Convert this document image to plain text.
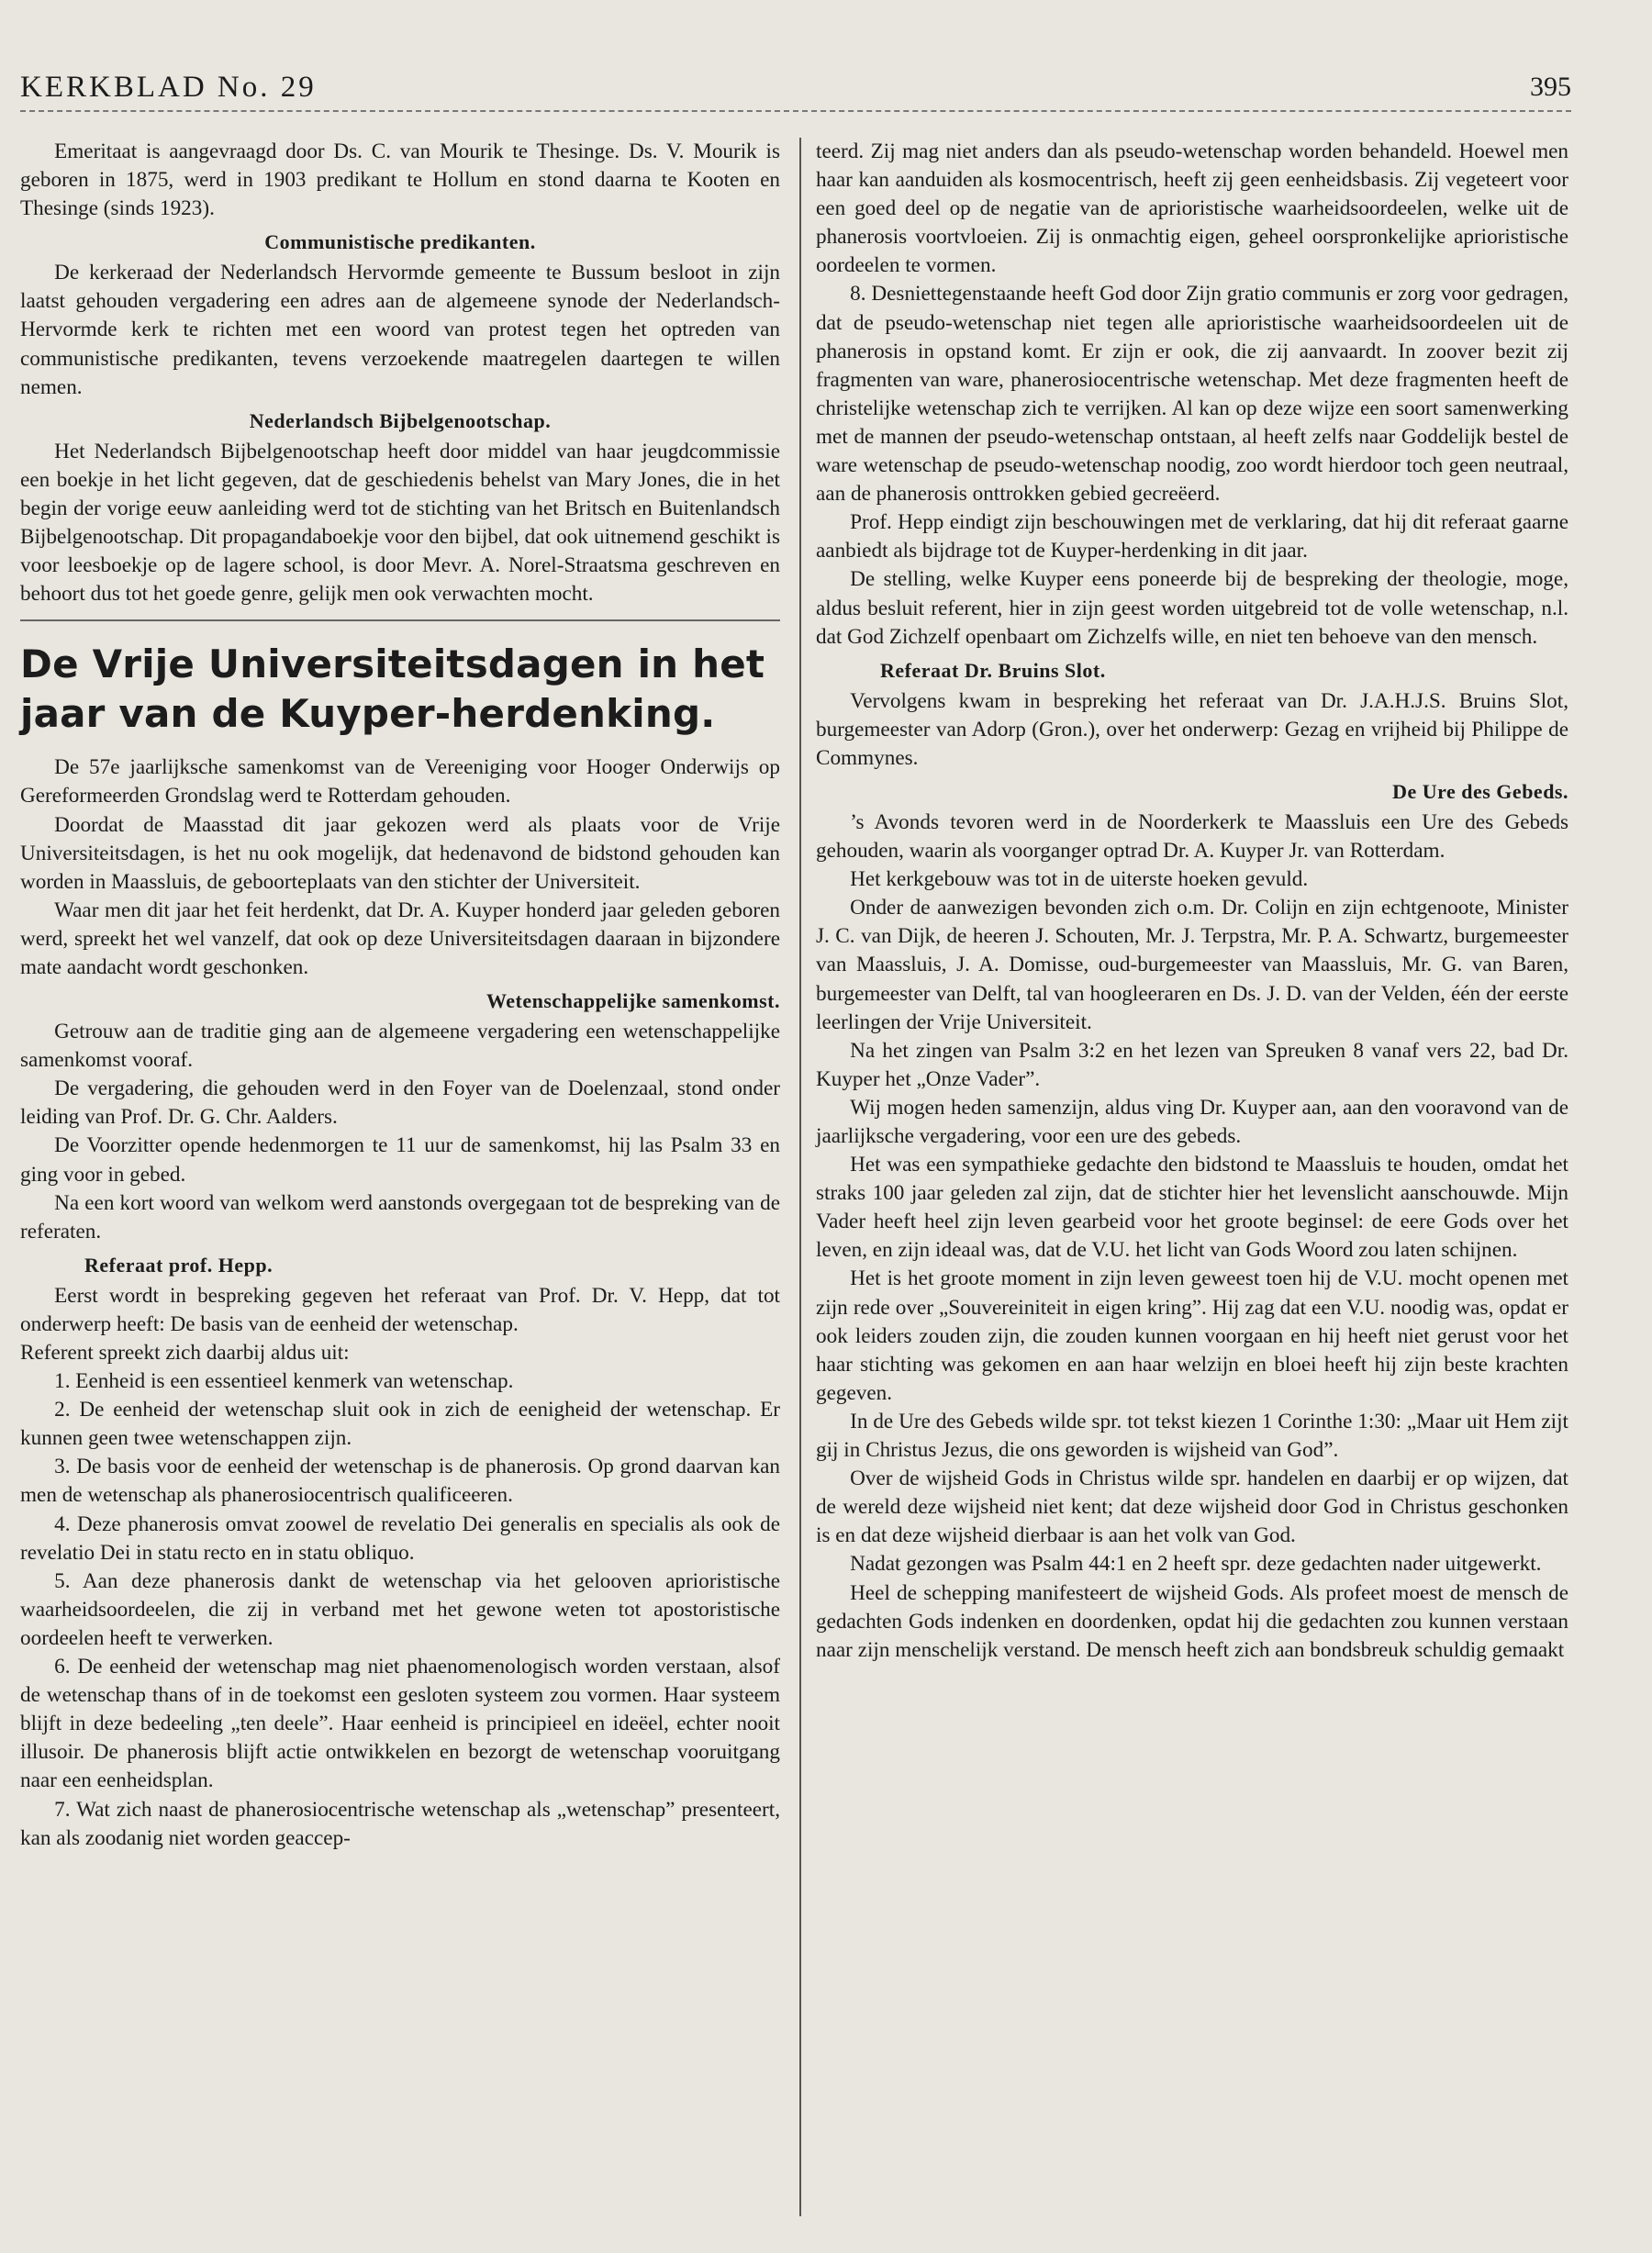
KERKBLAD No. 29	395

Emeritaat is aangevraagd door Ds. C. van Mourik te Thesinge. Ds. V. Mourik is geboren in 1875, werd in 1903 predikant te Hollum en stond daarna te Kooten en Thesinge (sinds 1923).

Communistische predikanten.

De kerkeraad der Nederlandsch Hervormde gemeente te Bussum besloot in zijn laatst gehouden vergadering een adres aan de algemeene synode der Nederlandsch-Hervormde kerk te richten met een woord van protest tegen het optreden van communistische predikanten, tevens verzoekende maatregelen daartegen te willen nemen.

Nederlandsch Bijbelgenootschap.

Het Nederlandsch Bijbelgenootschap heeft door middel van haar jeugdcommissie een boekje in het licht gegeven, dat de geschiedenis behelst van Mary Jones, die in het begin der vorige eeuw aanleiding werd tot de stichting van het Britsch en Buitenlandsch Bijbelgenootschap. Dit propagandaboekje voor den bijbel, dat ook uitnemend geschikt is voor leesboekje op de lagere school, is door Mevr. A. Norel-Straatsma geschreven en behoort dus tot het goede genre, gelijk men ook verwachten mocht.

De Vrije Universiteitsdagen in het
jaar van de Kuyper-herdenking.

De 57e jaarlijksche samenkomst van de Vereeniging voor Hooger Onderwijs op Gereformeerden Grondslag werd te Rotterdam gehouden.

Doordat de Maasstad dit jaar gekozen werd als plaats voor de Vrije Universiteitsdagen, is het nu ook mogelijk, dat hedenavond de bidstond gehouden kan worden in Maassluis, de geboorteplaats van den stichter der Universiteit.

Waar men dit jaar het feit herdenkt, dat Dr. A. Kuyper honderd jaar geleden geboren werd, spreekt het wel vanzelf, dat ook op deze Universiteitsdagen daaraan in bijzondere mate aandacht wordt geschonken.

Wetenschappelijke samenkomst.

Getrouw aan de traditie ging aan de algemeene vergadering een wetenschappelijke samenkomst vooraf.

De vergadering, die gehouden werd in den Foyer van de Doelenzaal, stond onder leiding van Prof. Dr. G. Chr. Aalders.

De Voorzitter opende hedenmorgen te 11 uur de samenkomst, hij las Psalm 33 en ging voor in gebed.

Na een kort woord van welkom werd aanstonds overgegaan tot de bespreking van de referaten.

Referaat prof. Hepp.

Eerst wordt in bespreking gegeven het referaat van Prof. Dr. V. Hepp, dat tot onderwerp heeft: De basis van de eenheid der wetenschap.

Referent spreekt zich daarbij aldus uit:

1. Eenheid is een essentieel kenmerk van wetenschap.
2. De eenheid der wetenschap sluit ook in zich de eenigheid der wetenschap. Er kunnen geen twee wetenschappen zijn.
3. De basis voor de eenheid der wetenschap is de phanerosis. Op grond daarvan kan men de wetenschap als phanerosiocentrisch qualificeeren.
4. Deze phanerosis omvat zoowel de revelatio Dei generalis en specialis als ook de revelatio Dei in statu recto en in statu obliquo.
5. Aan deze phanerosis dankt de wetenschap via het gelooven aprioristische waarheidsoordeelen, die zij in verband met het gewone weten tot apostoristische oordeelen heeft te verwerken.
6. De eenheid der wetenschap mag niet phaenomenologisch worden verstaan, alsof de wetenschap thans of in de toekomst een gesloten systeem zou vormen. Haar systeem blijft in deze bedeeling „ten deele”. Haar eenheid is principieel en ideëel, echter nooit illusoir. De phanerosis blijft actie ontwikkelen en bezorgt de wetenschap vooruitgang naar een eenheidsplan.
7. Wat zich naast de phanerosiocentrische wetenschap als „wetenschap” presenteert, kan als zoodanig niet worden geaccep-

teerd. Zij mag niet anders dan als pseudo-wetenschap worden behandeld. Hoewel men haar kan aanduiden als kosmocentrisch, heeft zij geen eenheidsbasis. Zij vegeteert voor een goed deel op de negatie van de aprioristische waarheidsoordeelen, welke uit de phanerosis voortvloeien. Zij is onmachtig eigen, geheel oorspronkelijke aprioristische oordeelen te vormen.

8. Desniettegenstaande heeft God door Zijn gratio communis er zorg voor gedragen, dat de pseudo-wetenschap niet tegen alle aprioristische waarheidsoordeelen uit de phanerosis in opstand komt. Er zijn er ook, die zij aanvaardt. In zoover bezit zij fragmenten van ware, phanerosiocentrische wetenschap. Met deze fragmenten heeft de christelijke wetenschap zich te verrijken. Al kan op deze wijze een soort samenwerking met de mannen der pseudo-wetenschap ontstaan, al heeft zelfs naar Goddelijk bestel de ware wetenschap de pseudo-wetenschap noodig, zoo wordt hierdoor toch geen neutraal, aan de phanerosis onttrokken gebied gecreëerd.

Prof. Hepp eindigt zijn beschouwingen met de verklaring, dat hij dit referaat gaarne aanbiedt als bijdrage tot de Kuyper-herdenking in dit jaar.

De stelling, welke Kuyper eens poneerde bij de bespreking der theologie, moge, aldus besluit referent, hier in zijn geest worden uitgebreid tot de volle wetenschap, n.l. dat God Zichzelf openbaart om Zichzelfs wille, en niet ten behoeve van den mensch.

Referaat Dr. Bruins Slot.

Vervolgens kwam in bespreking het referaat van Dr. J.A.H.J.S. Bruins Slot, burgemeester van Adorp (Gron.), over het onderwerp: Gezag en vrijheid bij Philippe de Commynes.

De Ure des Gebeds.

’s Avonds tevoren werd in de Noorderkerk te Maassluis een Ure des Gebeds gehouden, waarin als voorganger optrad Dr. A. Kuyper Jr. van Rotterdam.

Het kerkgebouw was tot in de uiterste hoeken gevuld.

Onder de aanwezigen bevonden zich o.m. Dr. Colijn en zijn echtgenoote, Minister J. C. van Dijk, de heeren J. Schouten, Mr. J. Terpstra, Mr. P. A. Schwartz, burgemeester van Maassluis, J. A. Domisse, oud-burgemeester van Maassluis, Mr. G. van Baren, burgemeester van Delft, tal van hoogleeraren en Ds. J. D. van der Velden, één der eerste leerlingen der Vrije Universiteit.

Na het zingen van Psalm 3:2 en het lezen van Spreuken 8 vanaf vers 22, bad Dr. Kuyper het „Onze Vader”.

Wij mogen heden samenzijn, aldus ving Dr. Kuyper aan, aan den vooravond van de jaarlijksche vergadering, voor een ure des gebeds.

Het was een sympathieke gedachte den bidstond te Maassluis te houden, omdat het straks 100 jaar geleden zal zijn, dat de stichter hier het levenslicht aanschouwde. Mijn Vader heeft heel zijn leven gearbeid voor het groote beginsel: de eere Gods over het leven, en zijn ideaal was, dat de V.U. het licht van Gods Woord zou laten schijnen.

Het is het groote moment in zijn leven geweest toen hij de V.U. mocht openen met zijn rede over „Souvereiniteit in eigen kring”. Hij zag dat een V.U. noodig was, opdat er ook leiders zouden zijn, die zouden kunnen voorgaan en hij heeft niet gerust voor het haar stichting was gekomen en aan haar welzijn en bloei heeft hij zijn beste krachten gegeven.

In de Ure des Gebeds wilde spr. tot tekst kiezen 1 Corinthe 1:30: „Maar uit Hem zijt gij in Christus Jezus, die ons geworden is wijsheid van God”.

Over de wijsheid Gods in Christus wilde spr. handelen en daarbij er op wijzen, dat de wereld deze wijsheid niet kent; dat deze wijsheid door God in Christus geschonken is en dat deze wijsheid dierbaar is aan het volk van God.

Nadat gezongen was Psalm 44:1 en 2 heeft spr. deze gedachten nader uitgewerkt.

Heel de schepping manifesteert de wijsheid Gods. Als profeet moest de mensch de gedachten Gods indenken en doordenken, opdat hij die gedachten zou kunnen verstaan naar zijn menschelijk verstand. De mensch heeft zich aan bondsbreuk schuldig gemaakt
